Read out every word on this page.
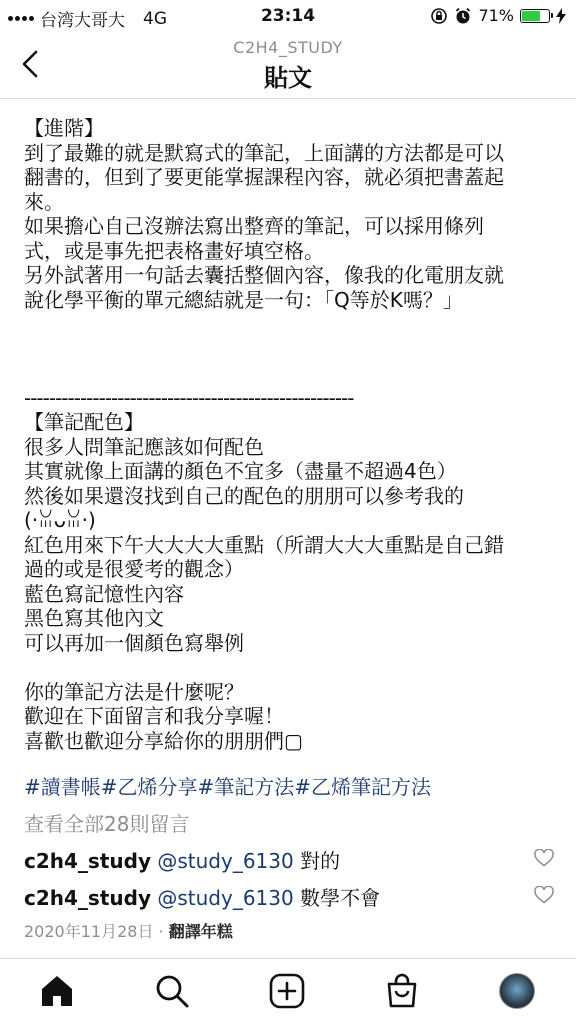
台湾大哥大 4G	23:14	71%
C2H4_STUDY
貼文

【進階】

到了最難的就是默寫式的筆記，上面講的方法都是可以

翻書的，但到了要更能掌握課程內容，就必須把書蓋起

來。

如果擔心自己沒辦法寫出整齊的筆記，可以採用條列

式，或是事先把表格畫好填空格。

另外試著用一句話去囊括整個內容，像我的化電朋友就

說化學平衡的單元總結就是一句：「Q等於K嗎？」

-----------------------------------------------------

【筆記配色】

很多人問筆記應該如何配色

其實就像上面講的顏色不宜多（盡量不超過4色）

然後如果還沒找到自己的配色的朋朋可以參考我的

(‧ꈍᴗꈍ‧)

紅色用來下午大大大大重點（所謂大大大重點是自己錯

過的或是很愛考的觀念）

藍色寫記憶性內容

黑色寫其他內文

可以再加一個顏色寫舉例

你的筆記方法是什麼呢？

歡迎在下面留言和我分享喔！

喜歡也歡迎分享給你的朋朋們▢

#讀書帳#乙烯分享#筆記方法#乙烯筆記方法
查看全部28則留言
c2h4_study @study_6130 對的
c2h4_study @study_6130 數學不會
2020年11月28日 · 翻譯年糕
